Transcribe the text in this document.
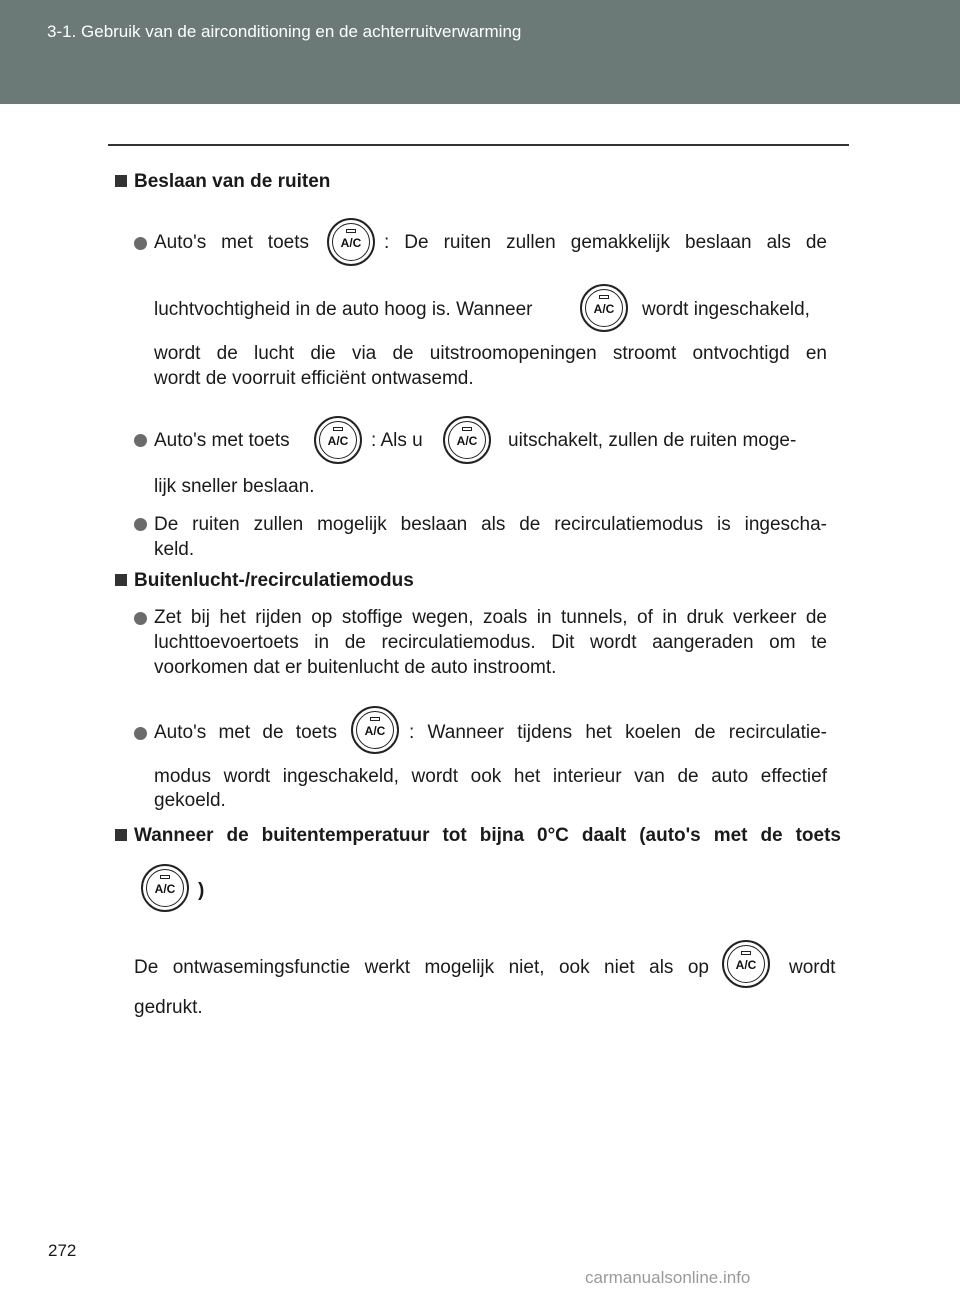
3-1. Gebruik van de airconditioning en de achterruitverwarming
Beslaan van de ruiten
Auto's met toets	A/C	: De ruiten zullen gemakkelijk beslaan als de
luchtvochtigheid in de auto hoog is. Wanneer	A/C	wordt ingeschakeld,
wordt de lucht die via de uitstroomopeningen stroomt ontvochtigd en
wordt de voorruit efficiënt ontwasemd.
Auto's met toets	A/C	: Als u	A/C	uitschakelt, zullen de ruiten moge-
lijk sneller beslaan.
De ruiten zullen mogelijk beslaan als de recirculatiemodus is ingescha-
keld.
Buitenlucht-/recirculatiemodus
Zet bij het rijden op stoffige wegen, zoals in tunnels, of in druk verkeer de
luchttoevoertoets in de recirculatiemodus. Dit wordt aangeraden om te
voorkomen dat er buitenlucht de auto instroomt.
Auto's met de toets	A/C	: Wanneer tijdens het koelen de recirculatie-
modus wordt ingeschakeld, wordt ook het interieur van de auto effectief
gekoeld.
Wanneer de buitentemperatuur tot bijna 0°C daalt (auto's met de toets
A/C	)
De ontwasemingsfunctie werkt mogelijk niet, ook niet als op	A/C	wordt
gedrukt.
272
carmanualsonline.info
